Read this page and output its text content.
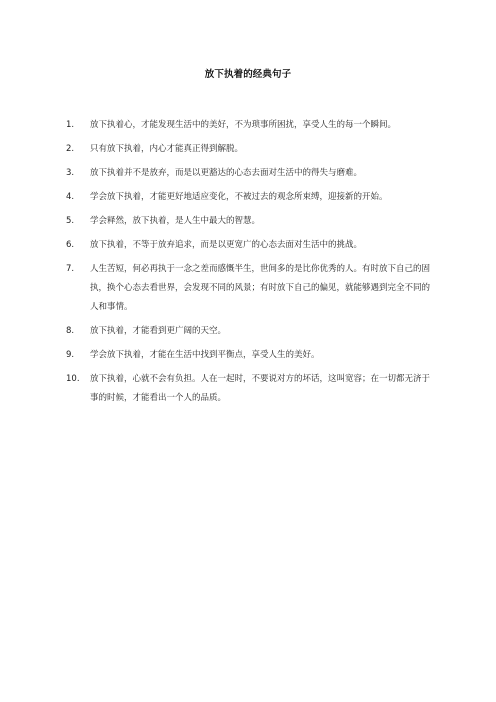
放下执着的经典句子
1.	放下执着心，才能发现生活中的美好，不为琐事所困扰，享受人生的每一个瞬间。
2.	只有放下执着，内心才能真正得到解脱。
3.	放下执着并不是放弃，而是以更豁达的心态去面对生活中的得失与磨难。
4.	学会放下执着，才能更好地适应变化，不被过去的观念所束缚，迎接新的开始。
5.	学会释然，放下执着，是人生中最大的智慧。
6.	放下执着，不等于放弃追求，而是以更宽广的心态去面对生活中的挑战。
7.	人生苦短，何必再执于一念之差而感慨半生，世间多的是比你优秀的人。有时放下自己的固执，换个心态去看世界，会发现不同的风景；有时放下自己的偏见，就能够遇到完全不同的人和事情。
8.	放下执着，才能看到更广阔的天空。
9.	学会放下执着，才能在生活中找到平衡点，享受人生的美好。
10.	放下执着，心就不会有负担。人在一起时，不要说对方的坏话，这叫宽容；在一切都无济于事的时候，才能看出一个人的品质。
